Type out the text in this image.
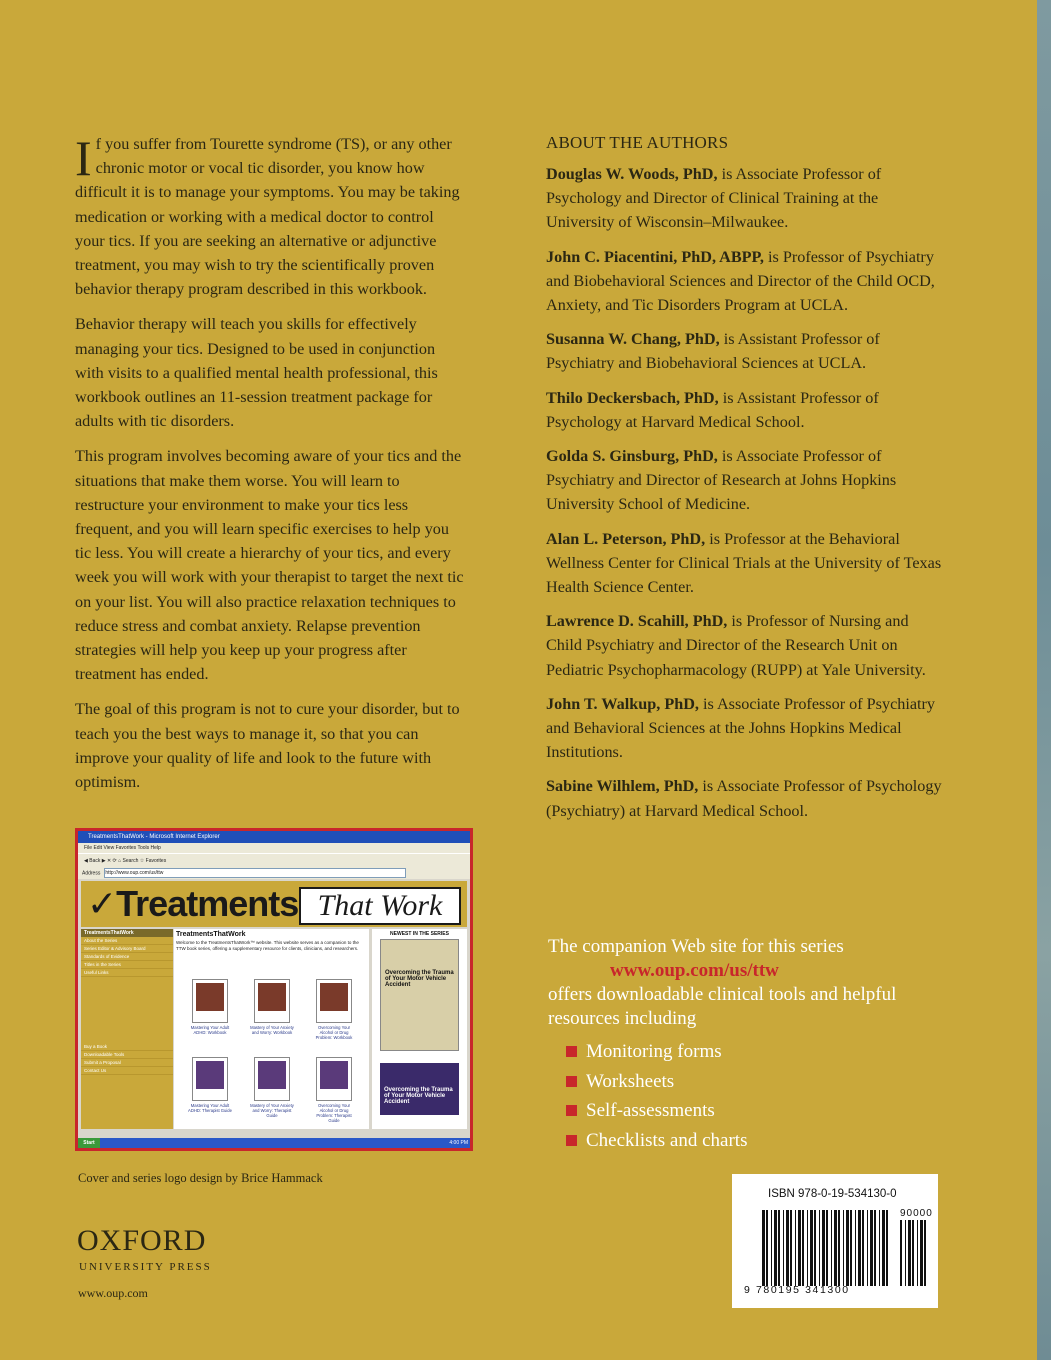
If you suffer from Tourette syndrome (TS), or any other chronic motor or vocal tic disorder, you know how difficult it is to manage your symptoms. You may be taking medication or working with a medical doctor to control your tics. If you are seeking an alternative or adjunctive treatment, you may wish to try the scientifically proven behavior therapy program described in this workbook.

Behavior therapy will teach you skills for effectively managing your tics. Designed to be used in conjunction with visits to a qualified mental health professional, this workbook outlines an 11-session treatment package for adults with tic disorders.

This program involves becoming aware of your tics and the situations that make them worse. You will learn to restructure your environment to make your tics less frequent, and you will learn specific exercises to help you tic less. You will create a hierarchy of your tics, and every week you will work with your therapist to target the next tic on your list. You will also practice relaxation techniques to reduce stress and combat anxiety. Relapse prevention strategies will help you keep up your progress after treatment has ended.

The goal of this program is not to cure your disorder, but to teach you the best ways to manage it, so that you can improve your quality of life and look to the future with optimism.

ABOUT THE AUTHORS
Douglas W. Woods, PhD, is Associate Professor of Psychology and Director of Clinical Training at the University of Wisconsin–Milwaukee.
John C. Piacentini, PhD, ABPP, is Professor of Psychiatry and Biobehavioral Sciences and Director of the Child OCD, Anxiety, and Tic Disorders Program at UCLA.
Susanna W. Chang, PhD, is Assistant Professor of Psychiatry and Biobehavioral Sciences at UCLA.
Thilo Deckersbach, PhD, is Assistant Professor of Psychology at Harvard Medical School.
Golda S. Ginsburg, PhD, is Associate Professor of Psychiatry and Director of Research at Johns Hopkins University School of Medicine.
Alan L. Peterson, PhD, is Professor at the Behavioral Wellness Center for Clinical Trials at the University of Texas Health Science Center.
Lawrence D. Scahill, PhD, is Professor of Nursing and Child Psychiatry and Director of the Research Unit on Pediatric Psychopharmacology (RUPP) at Yale University.
John T. Walkup, PhD, is Associate Professor of Psychiatry and Behavioral Sciences at the Johns Hopkins Medical Institutions.
Sabine Wilhlem, PhD, is Associate Professor of Psychology (Psychiatry) at Harvard Medical School.
TreatmentsThatWork - Microsoft Internet Explorer
File Edit View Favorites Tools Help
◀ Back ▶ ✕ ⟳ ⌂ Search ☆ Favorites
Address http://www.oup.com/us/ttw
✓Treatments That Work
TreatmentsThatWork
About the Series
Series Editor & Advisory Board
Standards of Evidence
Titles in the Series
Useful Links
Buy a Book
Downloadable Tools
Submit a Proposal
Contact Us
TreatmentsThatWork
Welcome to the TreatmentsThatWork™ website. This website serves as a companion to the TTW book series, offering a supplementary resource for clients, clinicians, and researchers.
Mastering Your Adult ADHD: Workbook
Mastery of Your Anxiety and Worry: Workbook
Overcoming Your Alcohol or Drug Problem: Workbook
Mastering Your Adult ADHD: Therapist Guide
Mastery of Your Anxiety and Worry: Therapist Guide
Overcoming Your Alcohol or Drug Problem: Therapist Guide
NEWEST IN THE SERIES
Overcoming the Trauma of Your Motor Vehicle Accident
Overcoming the Trauma of Your Motor Vehicle Accident
Start	4:00 PM
Cover and series logo design by Brice Hammack
OXFORD
UNIVERSITY PRESS
www.oup.com
The companion Web site for this series
www.oup.com/us/ttw
offers downloadable clinical tools and helpful resources including
Monitoring forms
Worksheets
Self-assessments
Checklists and charts
ISBN 978-0-19-534130-0
90000
9 780195 341300
